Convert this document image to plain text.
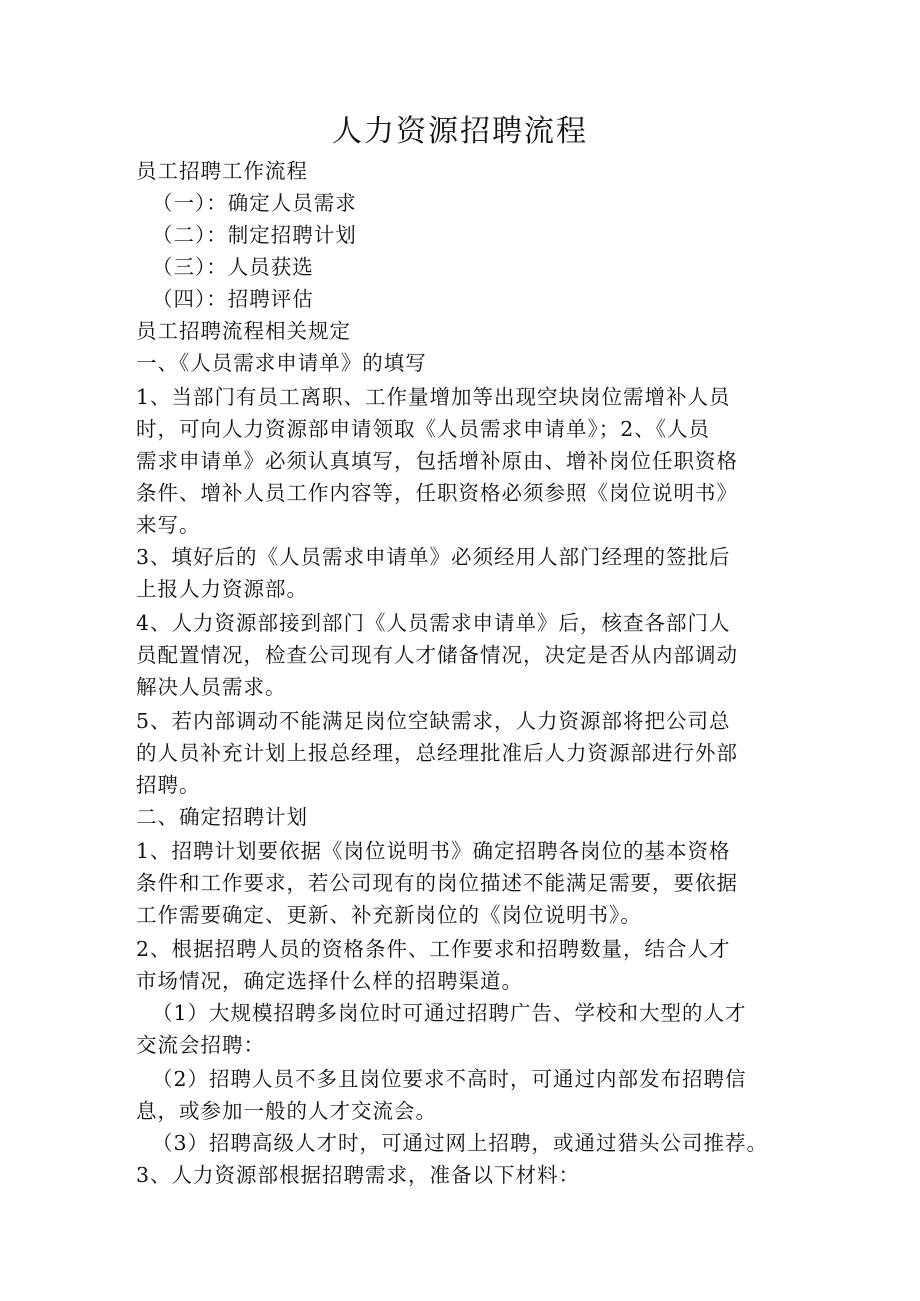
人力资源招聘流程
员工招聘工作流程
（一）：确定人员需求
（二）：制定招聘计划
（三）：人员获选
（四）：招聘评估
员工招聘流程相关规定
一、《人员需求申请单》的填写
1、当部门有员工离职、工作量增加等出现空块岗位需增补人员
时，可向人力资源部申请领取《人员需求申请单》；2、《人员
需求申请单》必须认真填写，包括增补原由、增补岗位任职资格
条件、增补人员工作内容等，任职资格必须参照《岗位说明书》
来写。
3、填好后的《人员需求申请单》必须经用人部门经理的签批后
上报人力资源部。
4、人力资源部接到部门《人员需求申请单》后，核查各部门人
员配置情况，检查公司现有人才储备情况，决定是否从内部调动
解决人员需求。
5、若内部调动不能满足岗位空缺需求，人力资源部将把公司总
的人员补充计划上报总经理，总经理批准后人力资源部进行外部
招聘。
二、确定招聘计划
1、招聘计划要依据《岗位说明书》确定招聘各岗位的基本资格
条件和工作要求，若公司现有的岗位描述不能满足需要，要依据
工作需要确定、更新、补充新岗位的《岗位说明书》。
2、根据招聘人员的资格条件、工作要求和招聘数量，结合人才
市场情况，确定选择什么样的招聘渠道。
（1）大规模招聘多岗位时可通过招聘广告、学校和大型的人才
交流会招聘：
（2）招聘人员不多且岗位要求不高时，可通过内部发布招聘信
息，或参加一般的人才交流会。
（3）招聘高级人才时，可通过网上招聘，或通过猎头公司推荐。
3、人力资源部根据招聘需求，准备以下材料：
